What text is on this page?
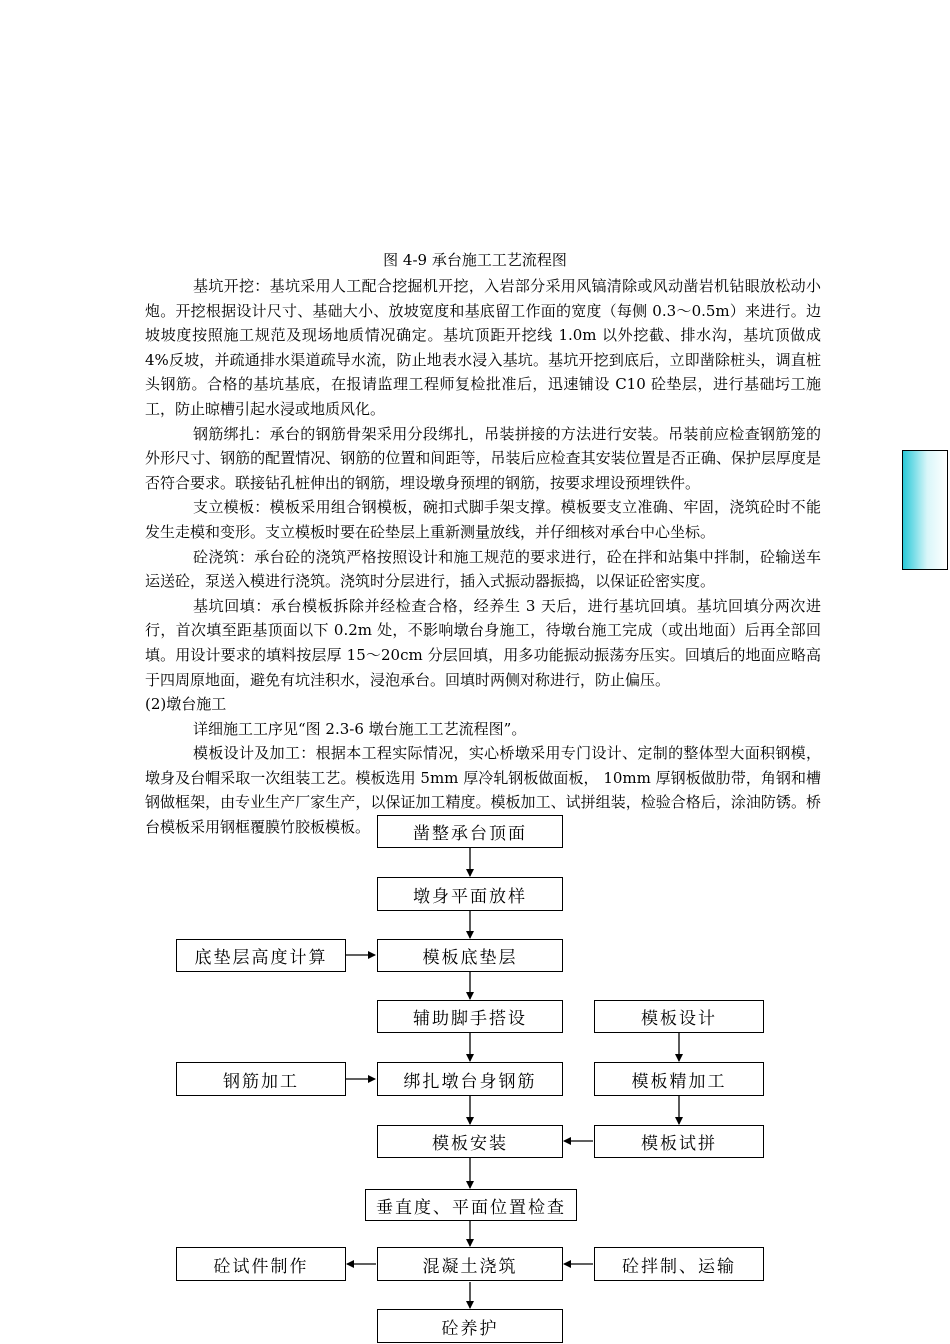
图 4-9 承台施工工艺流程图

基坑开挖：基坑采用人工配合挖掘机开挖，入岩部分采用风镐清除或风动凿岩机钻眼放松动小炮。开挖根据设计尺寸、基础大小、放坡宽度和基底留工作面的宽度（每侧 0.3～0.5m）来进行。边坡坡度按照施工规范及现场地质情况确定。基坑顶距开挖线 1.0m 以外挖截、排水沟，基坑顶做成 4%反坡，并疏通排水渠道疏导水流，防止地表水浸入基坑。基坑开挖到底后，立即凿除桩头，调直桩头钢筋。合格的基坑基底，在报请监理工程师复检批准后，迅速铺设 C10 砼垫层，进行基础圬工施工，防止晾槽引起水浸或地质风化。

钢筋绑扎：承台的钢筋骨架采用分段绑扎，吊装拼接的方法进行安装。吊装前应检查钢筋笼的外形尺寸、钢筋的配置情况、钢筋的位置和间距等，吊装后应检查其安装位置是否正确、保护层厚度是否符合要求。联接钻孔桩伸出的钢筋，埋设墩身预埋的钢筋，按要求埋设预埋铁件。

支立模板：模板采用组合钢模板，碗扣式脚手架支撑。模板要支立准确、牢固，浇筑砼时不能发生走模和变形。支立模板时要在砼垫层上重新测量放线，并仔细核对承台中心坐标。

砼浇筑：承台砼的浇筑严格按照设计和施工规范的要求进行，砼在拌和站集中拌制，砼输送车运送砼，泵送入模进行浇筑。浇筑时分层进行，插入式振动器振捣，以保证砼密实度。

基坑回填：承台模板拆除并经检查合格，经养生 3 天后，进行基坑回填。基坑回填分两次进行，首次填至距基顶面以下 0.2m 处，不影响墩台身施工，待墩台施工完成（或出地面）后再全部回填。用设计要求的填料按层厚 15～20cm 分层回填，用多功能振动振荡夯压实。回填后的地面应略高于四周原地面，避免有坑洼积水，浸泡承台。回填时两侧对称进行，防止偏压。

(2)墩台施工

详细施工工序见“图 2.3-6 墩台施工工艺流程图”。

模板设计及加工：根据本工程实际情况，实心桥墩采用专门设计、定制的整体型大面积钢模，墩身及台帽采取一次组装工艺。模板选用 5mm 厚冷轧钢板做面板， 10mm 厚钢板做肋带，角钢和槽钢做框架，由专业生产厂家生产，以保证加工精度。模板加工、试拼组装，检验合格后，涂油防锈。桥台模板采用钢框覆膜竹胶板模板。	凿整承台顶面
墩身平面放样
底垫层高度计算	模板底垫层
辅助脚手搭设	模板设计
钢筋加工	绑扎墩台身钢筋	模板精加工
模板安装	模板试拼
垂直度、平面位置检查
砼试件制作	混凝土浇筑	砼拌制、运输
砼养护
